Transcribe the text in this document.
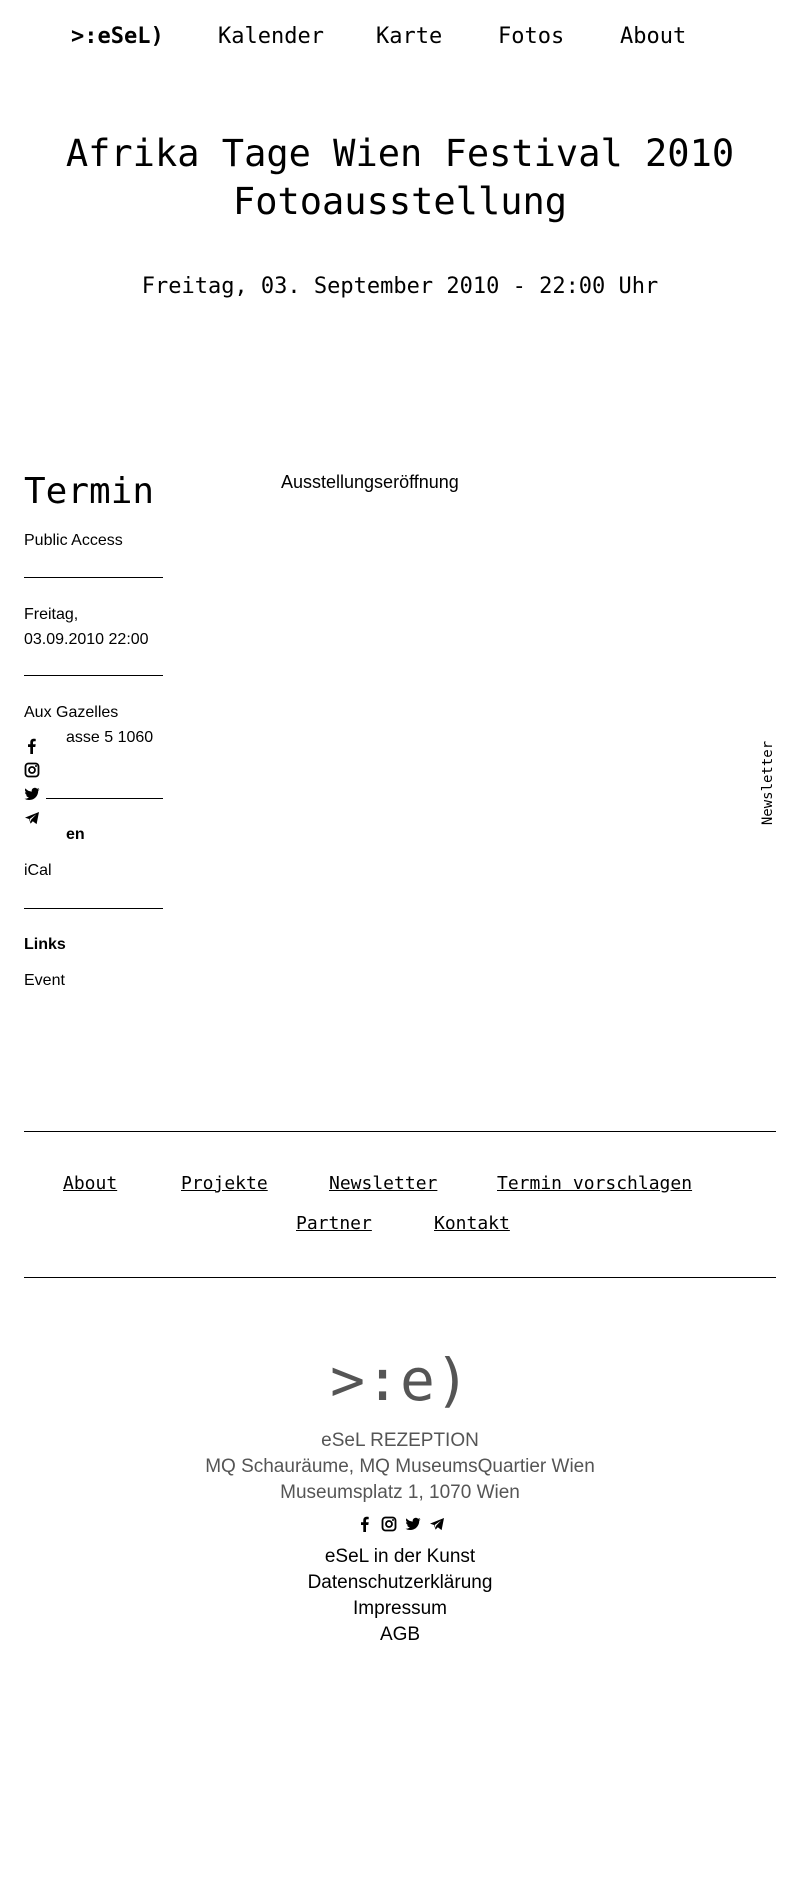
>:eSeL) Kalender Karte	Fotos	About
Afrika Tage Wien Festival 2010
Fotoausstellung
Freitag, 03. September 2010 - 22:00 Uhr
Termin
Public Access
Freitag,
03.09.2010 22:00
Aux Gazelles
asse 5 1060
en
iCal
Links
Event
Ausstellungseröffnung
Newsletter
About	Projekte	Newsletter	Termin vorschlagen
Partner	Kontakt
>:e)
eSeL REZEPTION
MQ Schauräume, MQ MuseumsQuartier Wien
Museumsplatz 1, 1070 Wien
eSeL in der Kunst
Datenschutzerklärung
Impressum
AGB
